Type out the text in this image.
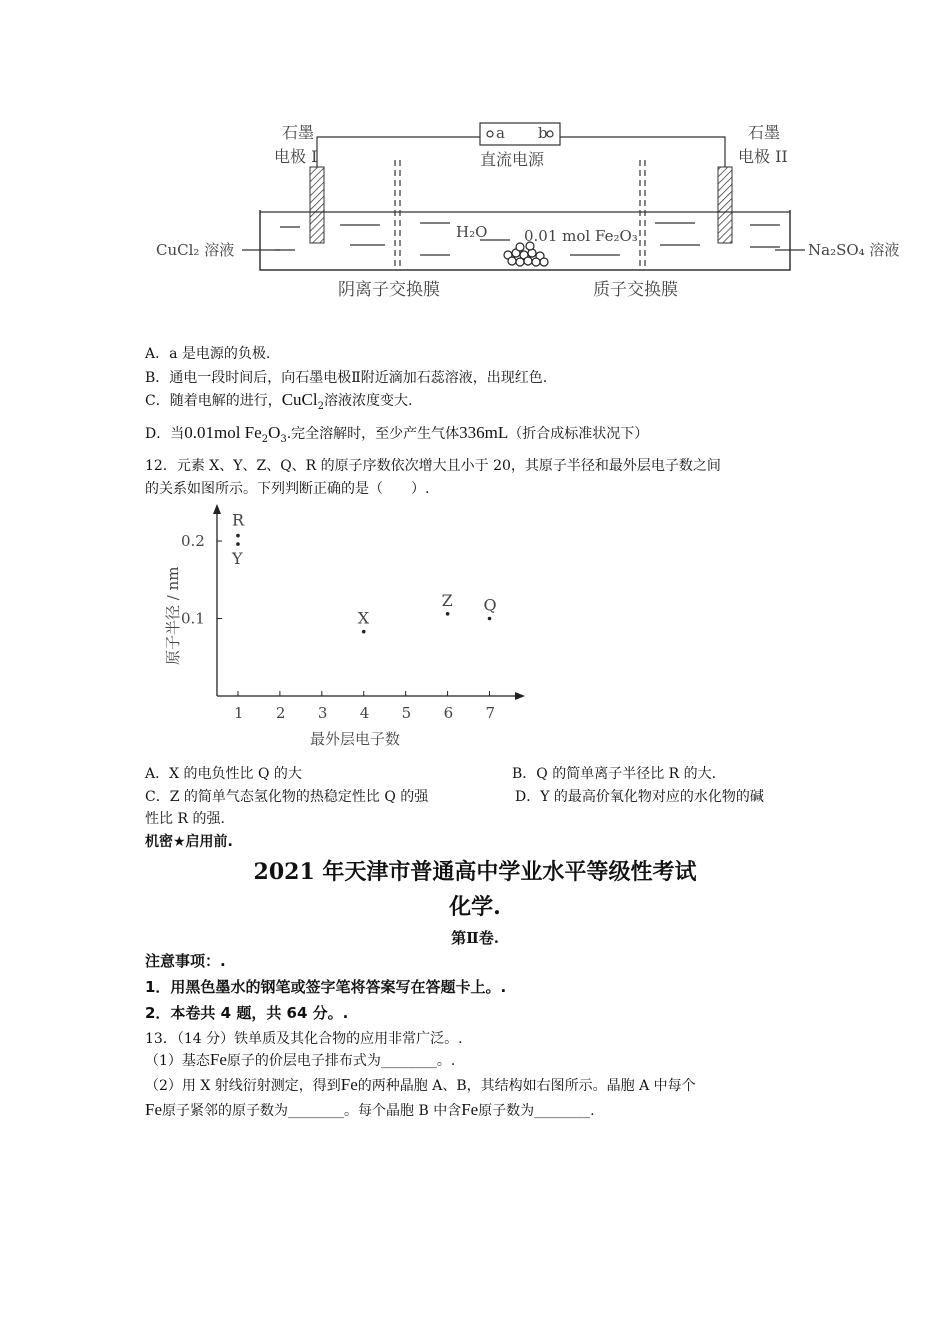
石墨
电极 I
石墨
电极 II
a b
直流电源
CuCl₂ 溶液	Na₂SO₄ 溶液
H₂O 0.01 mol Fe₂O₃
阴离子交换膜	质子交换膜
A．a 是电源的负极.
B．通电一段时间后，向石墨电极Ⅱ附近滴加石蕊溶液，出现红色.
C．随着电解的进行，CuCl$_2$溶液浓度变大.
D．当0.01mol $Fe_2O_3$.完全溶解时，至少产生气体336mL（折合成标准状况下）
12．元素 X、Y、Z、Q、R 的原子序数依次增大且小于 20，其原子半径和最外层电子数之间
的关系如图所示。下列判断正确的是（　　）.
1 2 3 4 5 6 7
0.1
0.2
R
Y
X
Z Q
最外层电子数
原子半径 / nm
A．X 的电负性比 Q 的大	B．Q 的简单离子半径比 R 的大.
C．Z 的简单气态氢化物的热稳定性比 Q 的强	D．Y 的最高价氧化物对应的水化物的碱
性比 R 的强.
机密★启用前.
2021 年天津市普通高中学业水平等级性考试
化学.
第Ⅱ卷.
注意事项：.
1．用黑色墨水的钢笔或签字笔将答案写在答题卡上。.
2．本卷共 4 题，共 64 分。.
13．（14 分）铁单质及其化合物的应用非常广泛。.
（1）基态Fe原子的价层电子排布式为________。.
（2）用 X 射线衍射测定，得到Fe的两种晶胞 A、B，其结构如右图所示。晶胞 A 中每个
Fe原子紧邻的原子数为________。每个晶胞 B 中含Fe原子数为________.
